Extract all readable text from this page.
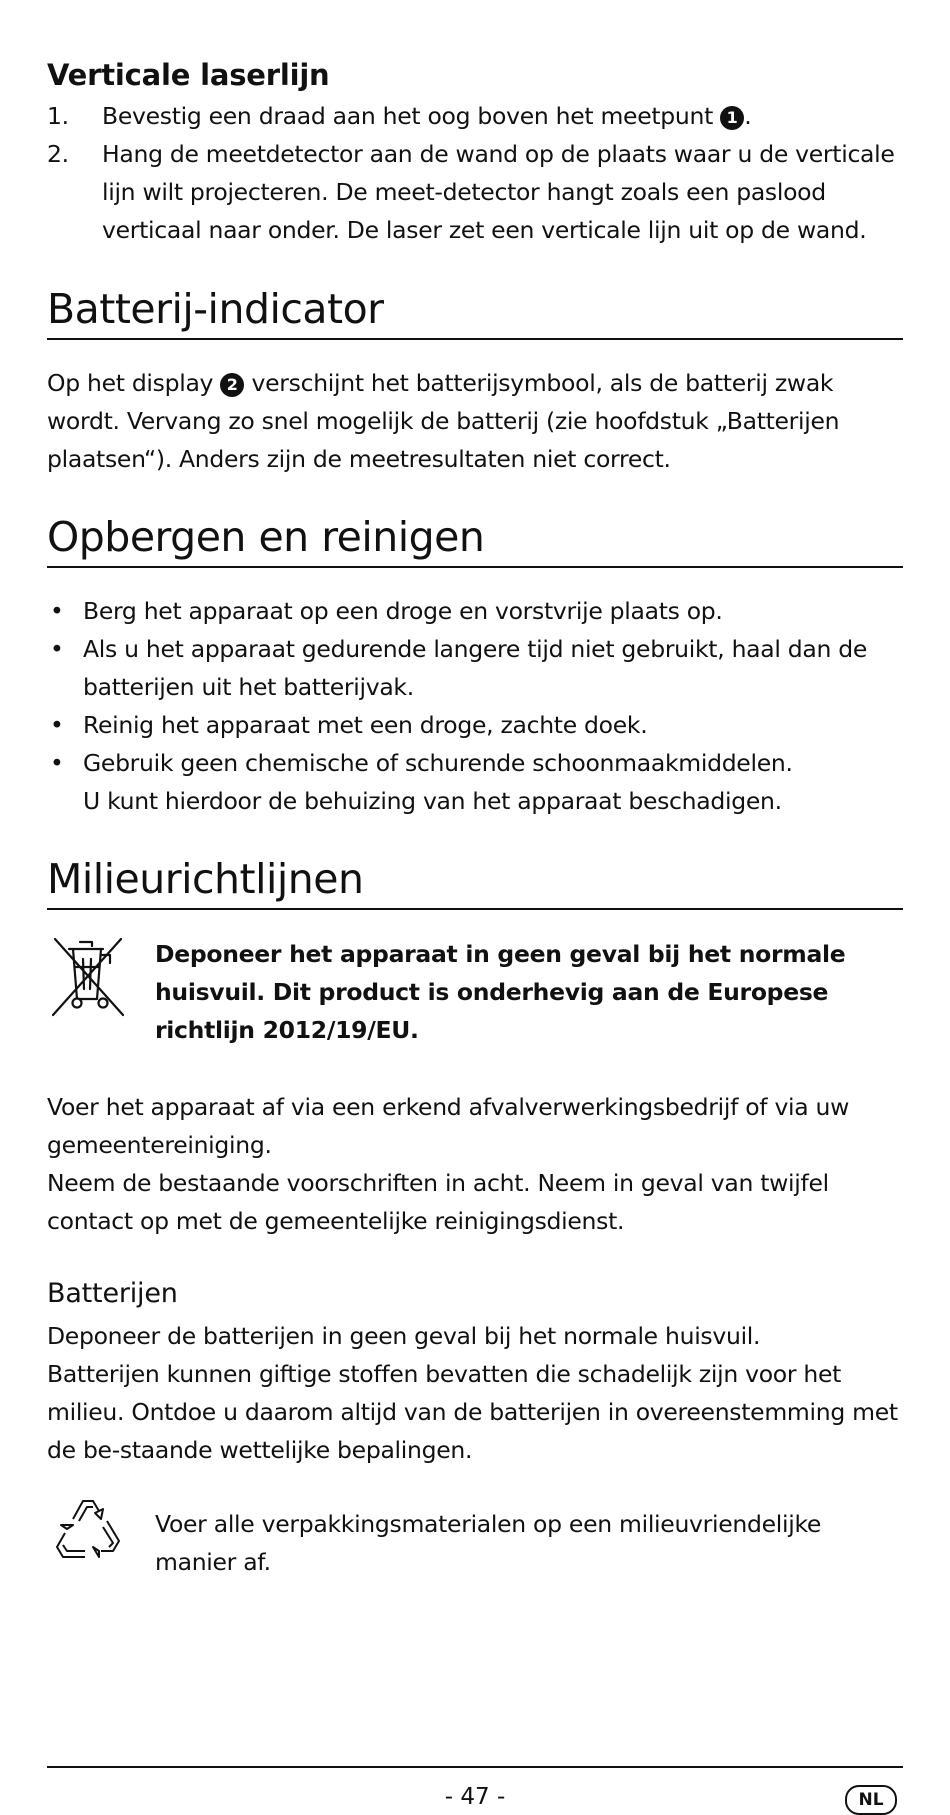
Verticale laserlijn
1. Bevestig een draad aan het oog boven het meetpunt 1 .
2. Hang de meetdetector aan de wand op de plaats waar u de verticale lijn wilt projecteren. De meet-detector hangt zoals een paslood verticaal naar onder. De laser zet een verticale lijn uit op de wand.
Batterij-indicator

Op het display 2 verschijnt het batterijsymbool, als de batterij zwak wordt. Vervang zo snel mogelijk de batterij (zie hoofdstuk „Batterijen plaatsen“). Anders zijn de meetresultaten niet correct.

Opbergen en reinigen
• Berg het apparaat op een droge en vorstvrije plaats op.
• Als u het apparaat gedurende langere tijd niet gebruikt, haal dan de batterijen uit het batterijvak.
• Reinig het apparaat met een droge, zachte doek.
• Gebruik geen chemische of schurende schoonmaakmiddelen.
U kunt hierdoor de behuizing van het apparaat beschadigen.
Milieurichtlijnen
Deponeer het apparaat in geen geval bij het normale huisvuil. Dit product is onderhevig aan de Europese richtlijn 2012/19/EU.

Voer het apparaat af via een erkend afvalverwerkingsbedrijf of via uw gemeentereiniging.
Neem de bestaande voorschriften in acht. Neem in geval van twijfel contact op met de gemeentelijke reinigingsdienst.

Batterijen

Deponeer de batterijen in geen geval bij het normale huisvuil.
Batterijen kunnen giftige stoffen bevatten die schadelijk zijn voor het milieu. Ontdoe u daarom altijd van de batterijen in overeenstemming met de be-staande wettelijke bepalingen.

Voer alle verpakkingsmaterialen op een milieuvriendelijke manier af.
- 47 -	NL
